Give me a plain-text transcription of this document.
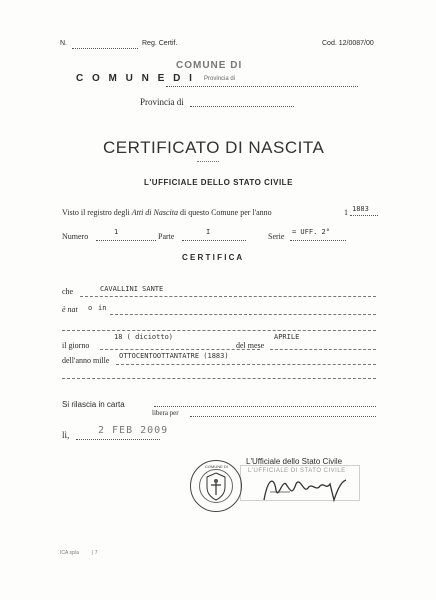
N.	Reg. Certif.	Cod. 12/0087/00
COMUNE DI
C O M U N E D I Provincia di
Provincia di
CERTIFICATO DI NASCITA
L'UFFICIALE DELLO STATO CIVILE
Visto il registro degli Atti di Nascita di questo Comune per l'anno	1 1883
Numero	1	Parte	I	Serie = UFF. 2°
C E R T I F I C A
che	CAVALLINI SANTE
è nat o in
il giorno
18 ( diciotto)
del mese
APRILE
dell'anno mille OTTOCENTOOTTANTATRE (1883)
Si rilascia in carta
libera per
lì,	2 FEB 2009
L'Ufficiale dello Stato Civile
L'UFFICIALE DI STATO CIVILE
COMUNE DI
ICA sp/a	| 7
